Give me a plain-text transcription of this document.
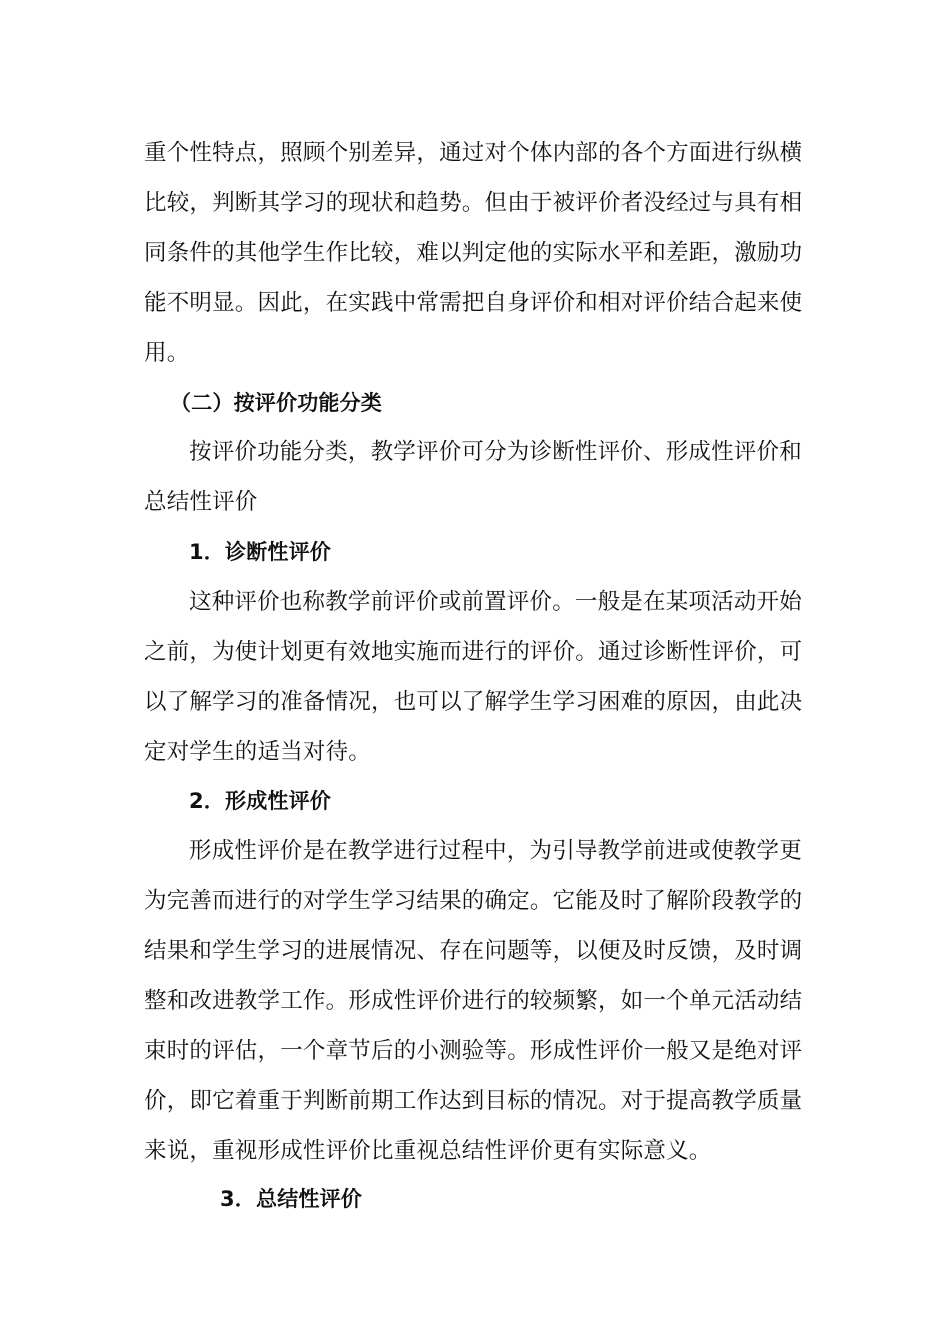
重个性特点，照顾个别差异，通过对个体内部的各个方面进行纵横
比较，判断其学习的现状和趋势。但由于被评价者没经过与具有相
同条件的其他学生作比较，难以判定他的实际水平和差距，激励功
能不明显。因此，在实践中常需把自身评价和相对评价结合起来使
用。
（二）按评价功能分类
按评价功能分类，教学评价可分为诊断性评价、形成性评价和
总结性评价
1．诊断性评价
这种评价也称教学前评价或前置评价。一般是在某项活动开始
之前，为使计划更有效地实施而进行的评价。通过诊断性评价，可
以了解学习的准备情况，也可以了解学生学习困难的原因，由此决
定对学生的适当对待。
2．形成性评价
形成性评价是在教学进行过程中，为引导教学前进或使教学更
为完善而进行的对学生学习结果的确定。它能及时了解阶段教学的
结果和学生学习的进展情况、存在问题等，以便及时反馈，及时调
整和改进教学工作。形成性评价进行的较频繁，如一个单元活动结
束时的评估，一个章节后的小测验等。形成性评价一般又是绝对评
价，即它着重于判断前期工作达到目标的情况。对于提高教学质量
来说，重视形成性评价比重视总结性评价更有实际意义。
3．总结性评价
